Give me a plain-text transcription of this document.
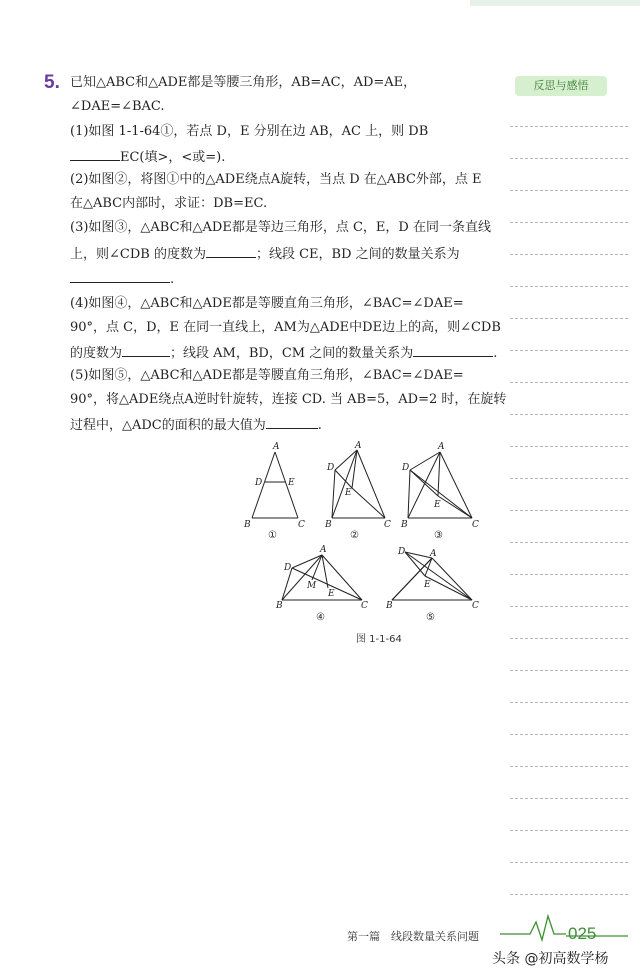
5. 已知△ABC和△ADE都是等腰三角形，AB=AC，AD=AE，
∠DAE=∠BAC.
(1)如图 1-1-64①，若点 D，E 分别在边 AB，AC 上，则 DB
EC(填>，<或=).
(2)如图②，将图①中的△ADE绕点A旋转，当点 D 在△ABC外部，点 E
在△ABC内部时，求证：DB=EC.
(3)如图③，△ABC和△ADE都是等边三角形，点 C，E，D 在同一条直线
上，则∠CDB 的度数为	；线段 CE，BD 之间的数量关系为
.
(4)如图④，△ABC和△ADE都是等腰直角三角形，∠BAC=∠DAE=
90°，点 C，D，E 在同一直线上，AM为△ADE中DE边上的高，则∠CDB
的度数为	；线段 AM，BD，CM 之间的数量关系为	.
(5)如图⑤，△ABC和△ADE都是等腰直角三角形，∠BAC=∠DAE=
90°，将△ADE绕点A逆时针旋转，连接 CD. 当 AB=5，AD=2 时，在旋转
过程中，△ADC的面积的最大值为	.
A
D	E
B	C
①
A
D
E
B	C
②
A
D
E
B	C
③
A
D
M
E
B	C
④
A
D
E
B	C
⑤
图 1-1-64
反思与感悟
第一篇　线段数量关系问题	025
头条 @初高数学杨
